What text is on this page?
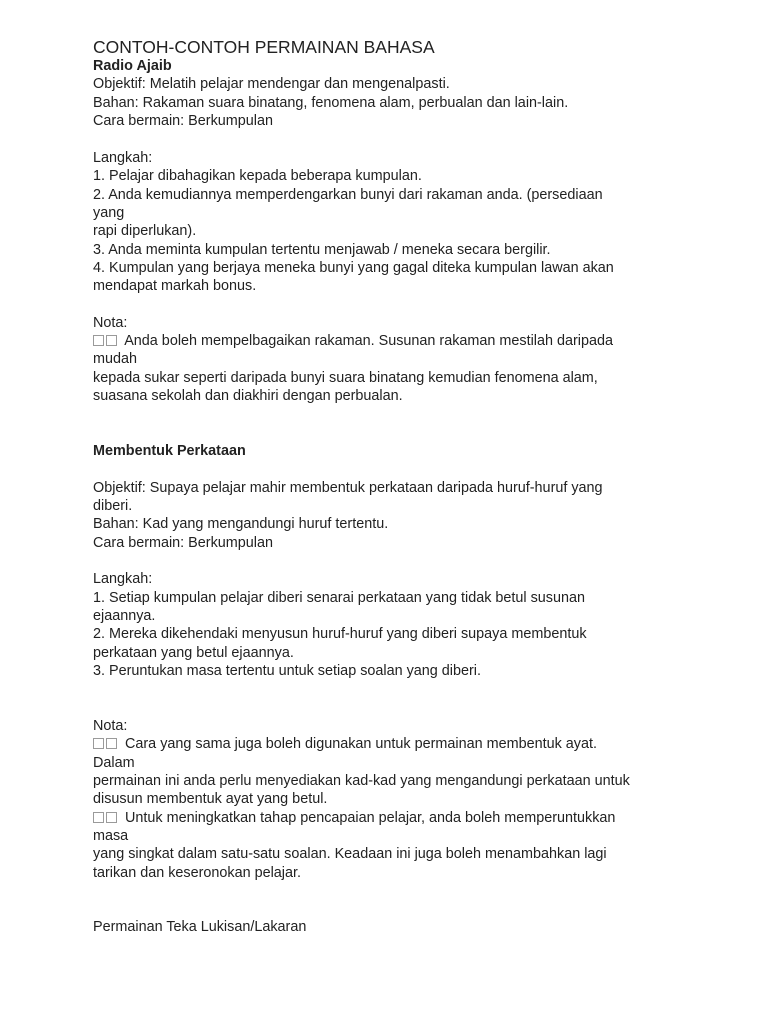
CONTOH-CONTOH PERMAINAN BAHASA
Radio Ajaib
Objektif: Melatih pelajar mendengar dan mengenalpasti.
Bahan: Rakaman suara binatang, fenomena alam, perbualan dan lain-lain.
Cara bermain: Berkumpulan
Langkah:
1. Pelajar dibahagikan kepada beberapa kumpulan.
2. Anda kemudiannya memperdengarkan bunyi dari rakaman anda. (persediaan
yang
rapi diperlukan).
3. Anda meminta kumpulan tertentu menjawab / meneka secara bergilir.
4. Kumpulan yang berjaya meneka bunyi yang gagal diteka kumpulan lawan akan
mendapat markah bonus.
Nota:
Anda boleh mempelbagaikan rakaman. Susunan rakaman mestilah daripada
mudah
kepada sukar seperti daripada bunyi suara binatang kemudian fenomena alam,
suasana sekolah dan diakhiri dengan perbualan.
Membentuk Perkataan
Objektif: Supaya pelajar mahir membentuk perkataan daripada huruf-huruf yang
diberi.
Bahan: Kad yang mengandungi huruf tertentu.
Cara bermain: Berkumpulan
Langkah:
1. Setiap kumpulan pelajar diberi senarai perkataan yang tidak betul susunan
ejaannya.
2. Mereka dikehendaki menyusun huruf-huruf yang diberi supaya membentuk
perkataan yang betul ejaannya.
3. Peruntukan masa tertentu untuk setiap soalan yang diberi.
Nota:
Cara yang sama juga boleh digunakan untuk permainan membentuk ayat.
Dalam
permainan ini anda perlu menyediakan kad-kad yang mengandungi perkataan untuk
disusun membentuk ayat yang betul.
Untuk meningkatkan tahap pencapaian pelajar, anda boleh memperuntukkan
masa
yang singkat dalam satu-satu soalan. Keadaan ini juga boleh menambahkan lagi
tarikan dan keseronokan pelajar.
Permainan Teka Lukisan/Lakaran
